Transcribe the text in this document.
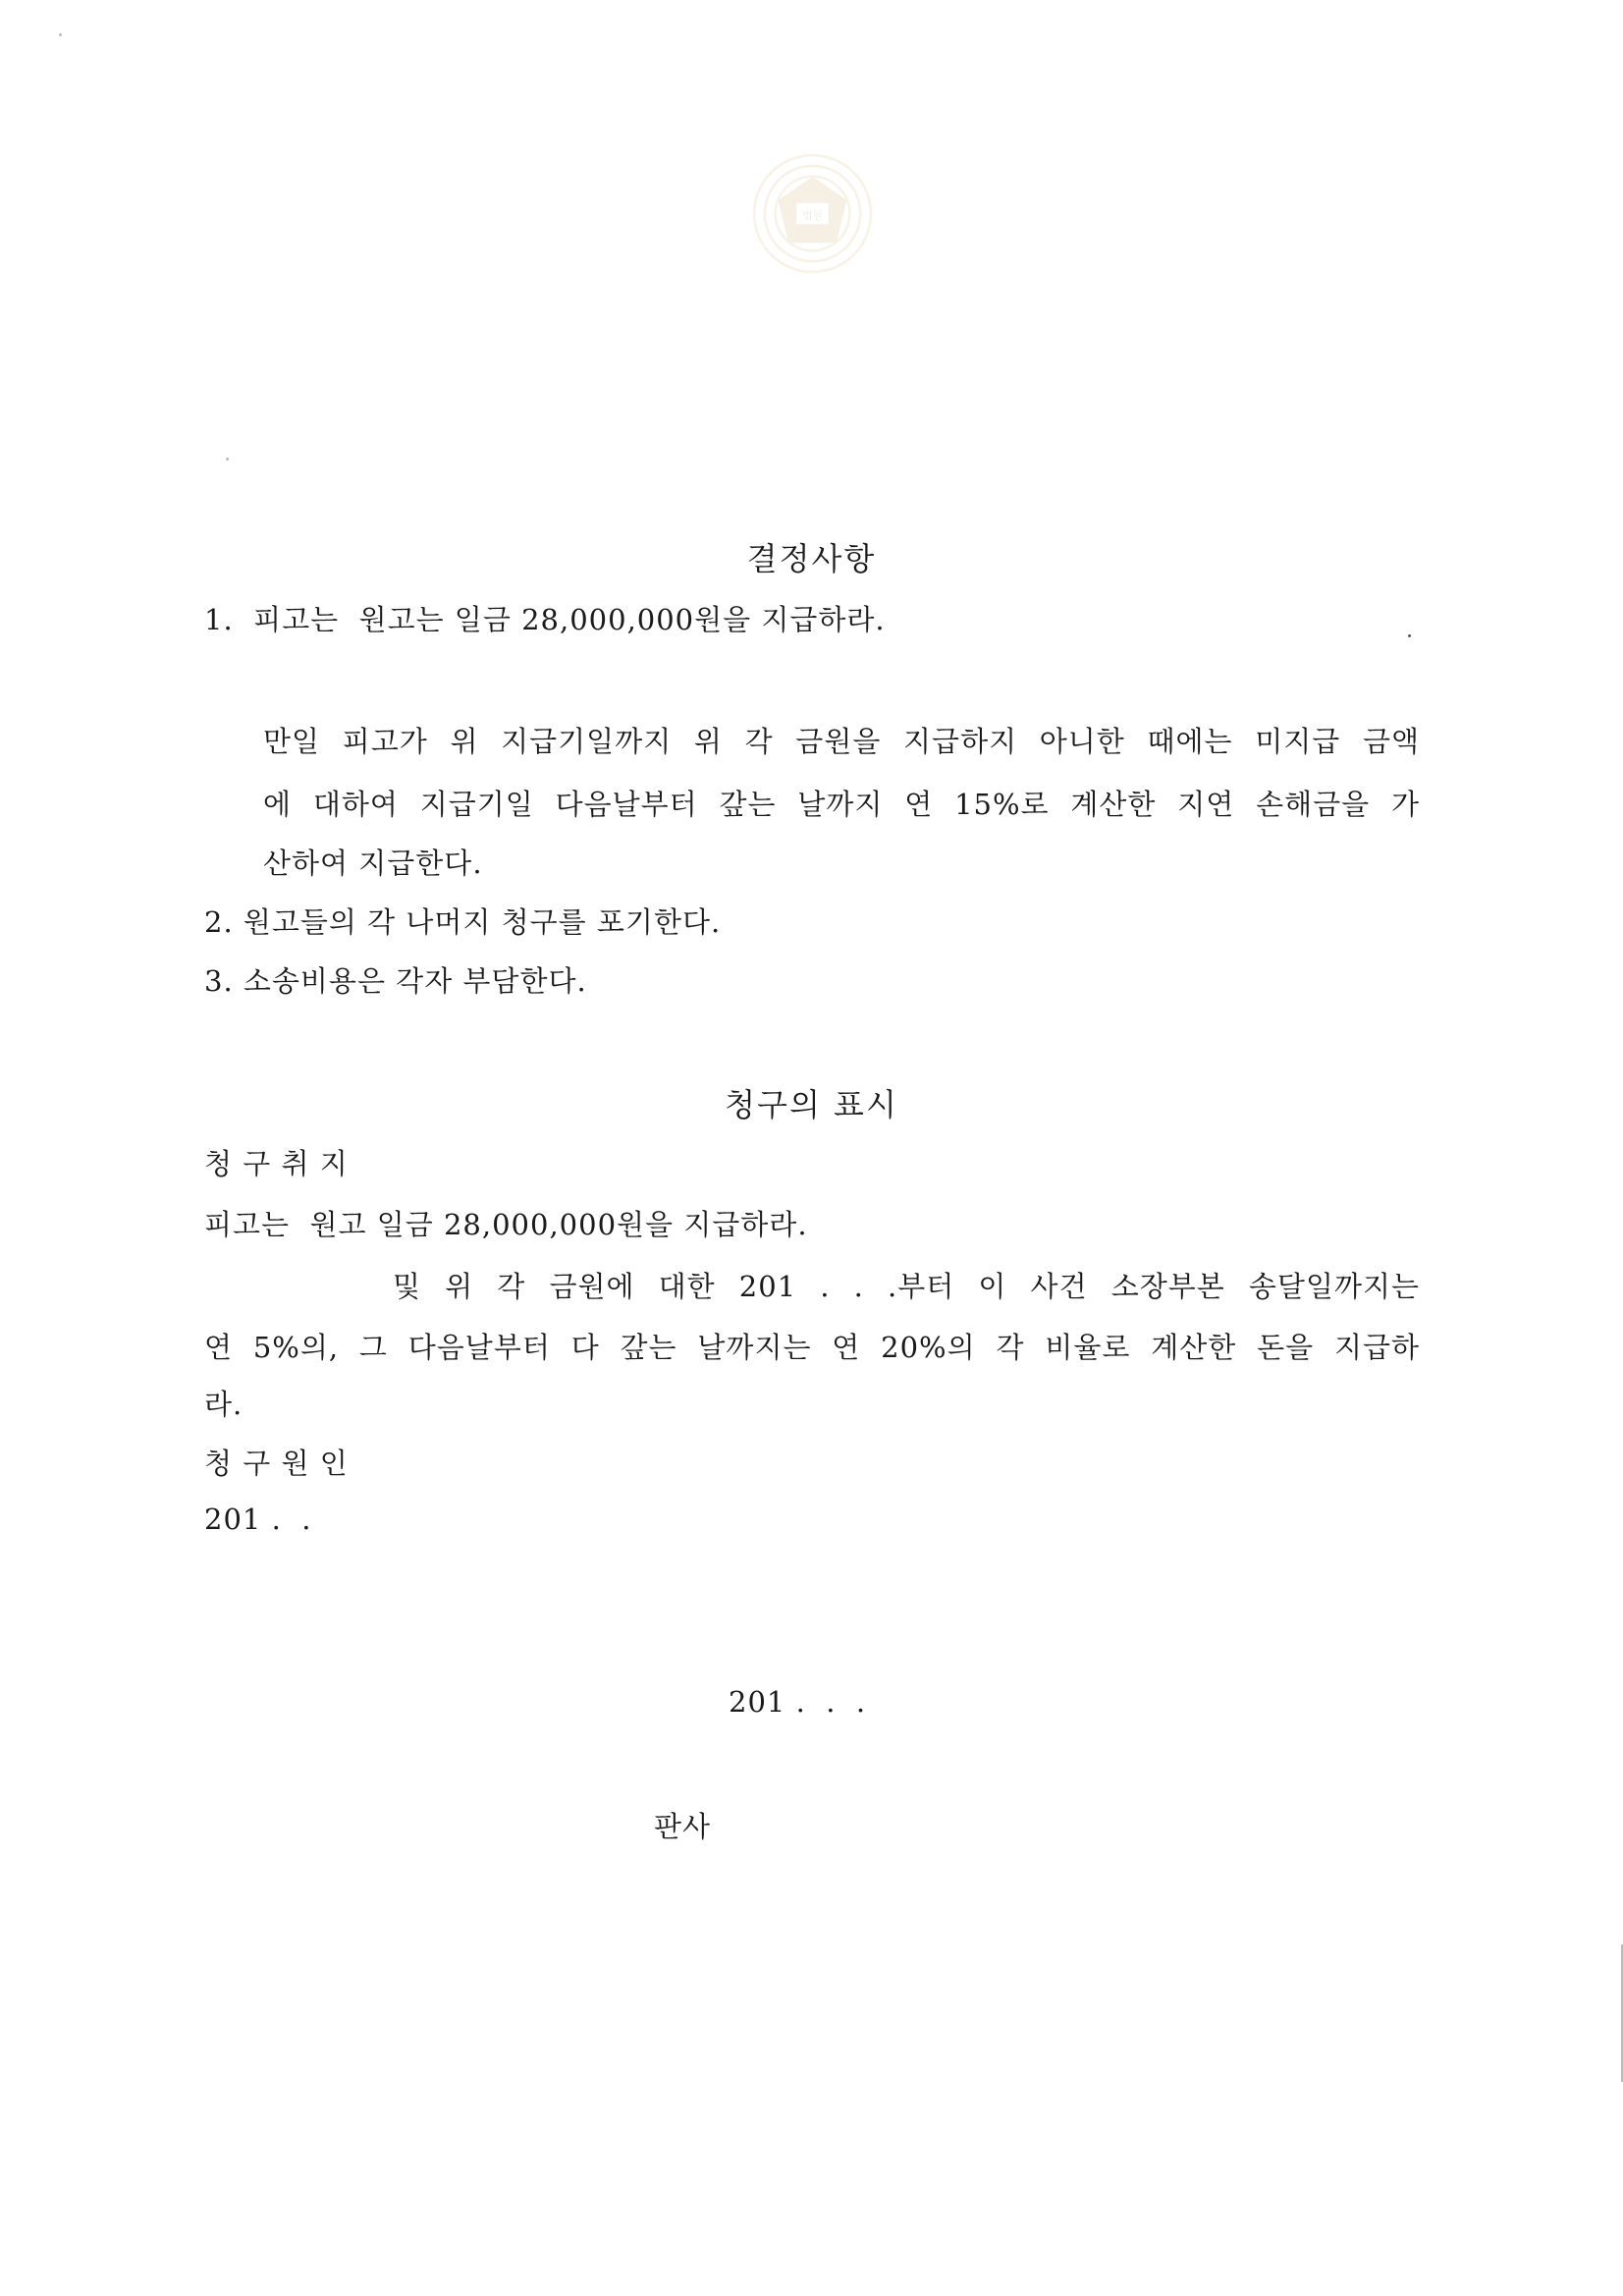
법원
결정사항
1.  피고는  원고는 일금 28,000,000원을 지급하라.
만일 피고가 위 지급기일까지 위 각 금원을 지급하지 아니한 때에는 미지급 금액
에 대하여 지급기일 다음날부터 갚는 날까지 연 15%로 계산한 지연 손해금을 가
산하여 지급한다.
2. 원고들의 각 나머지 청구를 포기한다.
3. 소송비용은 각자 부담한다.
청구의 표시
청 구 취 지
피고는  원고 일금 28,000,000원을 지급하라.
및 위 각 금원에 대한 201 . . .부터 이 사건 소장부본 송달일까지는
연 5%의, 그 다음날부터 다 갚는 날까지는 연 20%의 각 비율로 계산한 돈을 지급하
라.
청 구 원 인
201 .  .
201 .  .  .
판사
